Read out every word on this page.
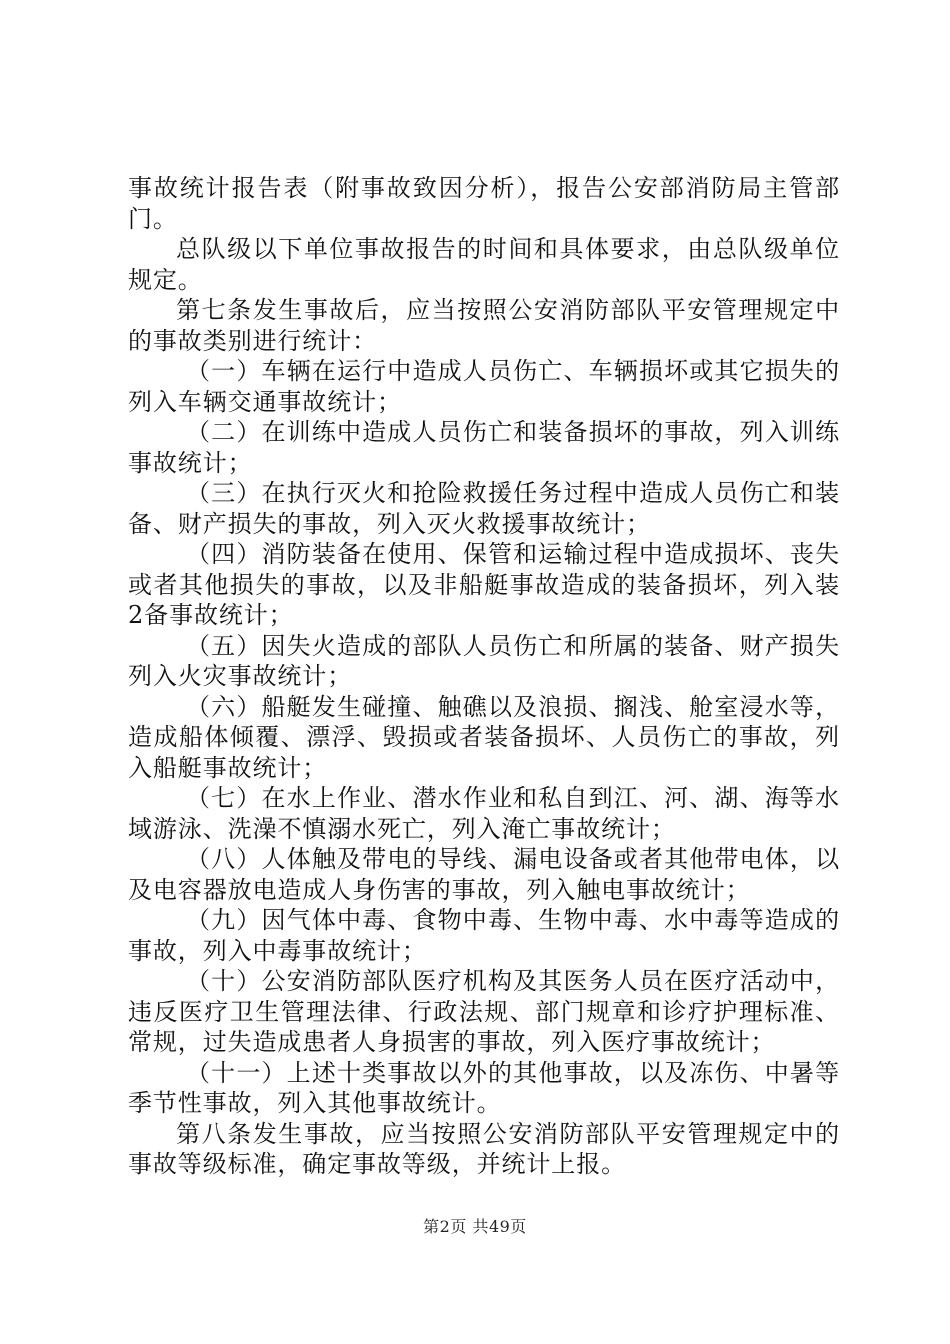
事故统计报告表（附事故致因分析），报告公安部消防局主管部门。

总队级以下单位事故报告的时间和具体要求，由总队级单位规定。

第七条发生事故后，应当按照公安消防部队平安管理规定中的事故类别进行统计：

（一）车辆在运行中造成人员伤亡、车辆损坏或其它损失的列入车辆交通事故统计；

（二）在训练中造成人员伤亡和装备损坏的事故，列入训练事故统计；

（三）在执行灭火和抢险救援任务过程中造成人员伤亡和装备、财产损失的事故，列入灭火救援事故统计；

（四）消防装备在使用、保管和运输过程中造成损坏、丧失或者其他损失的事故，以及非船艇事故造成的装备损坏，列入装2备事故统计；

（五）因失火造成的部队人员伤亡和所属的装备、财产损失列入火灾事故统计；

（六）船艇发生碰撞、触礁以及浪损、搁浅、舱室浸水等，造成船体倾覆、漂浮、毁损或者装备损坏、人员伤亡的事故，列入船艇事故统计；

（七）在水上作业、潜水作业和私自到江、河、湖、海等水域游泳、洗澡不慎溺水死亡，列入淹亡事故统计；

（八）人体触及带电的导线、漏电设备或者其他带电体，以及电容器放电造成人身伤害的事故，列入触电事故统计；

（九）因气体中毒、食物中毒、生物中毒、水中毒等造成的事故，列入中毒事故统计；

（十）公安消防部队医疗机构及其医务人员在医疗活动中，违反医疗卫生管理法律、行政法规、部门规章和诊疗护理标准、常规，过失造成患者人身损害的事故，列入医疗事故统计；

（十一）上述十类事故以外的其他事故，以及冻伤、中暑等季节性事故，列入其他事故统计。

第八条发生事故，应当按照公安消防部队平安管理规定中的事故等级标准，确定事故等级，并统计上报。

第2页 共49页
